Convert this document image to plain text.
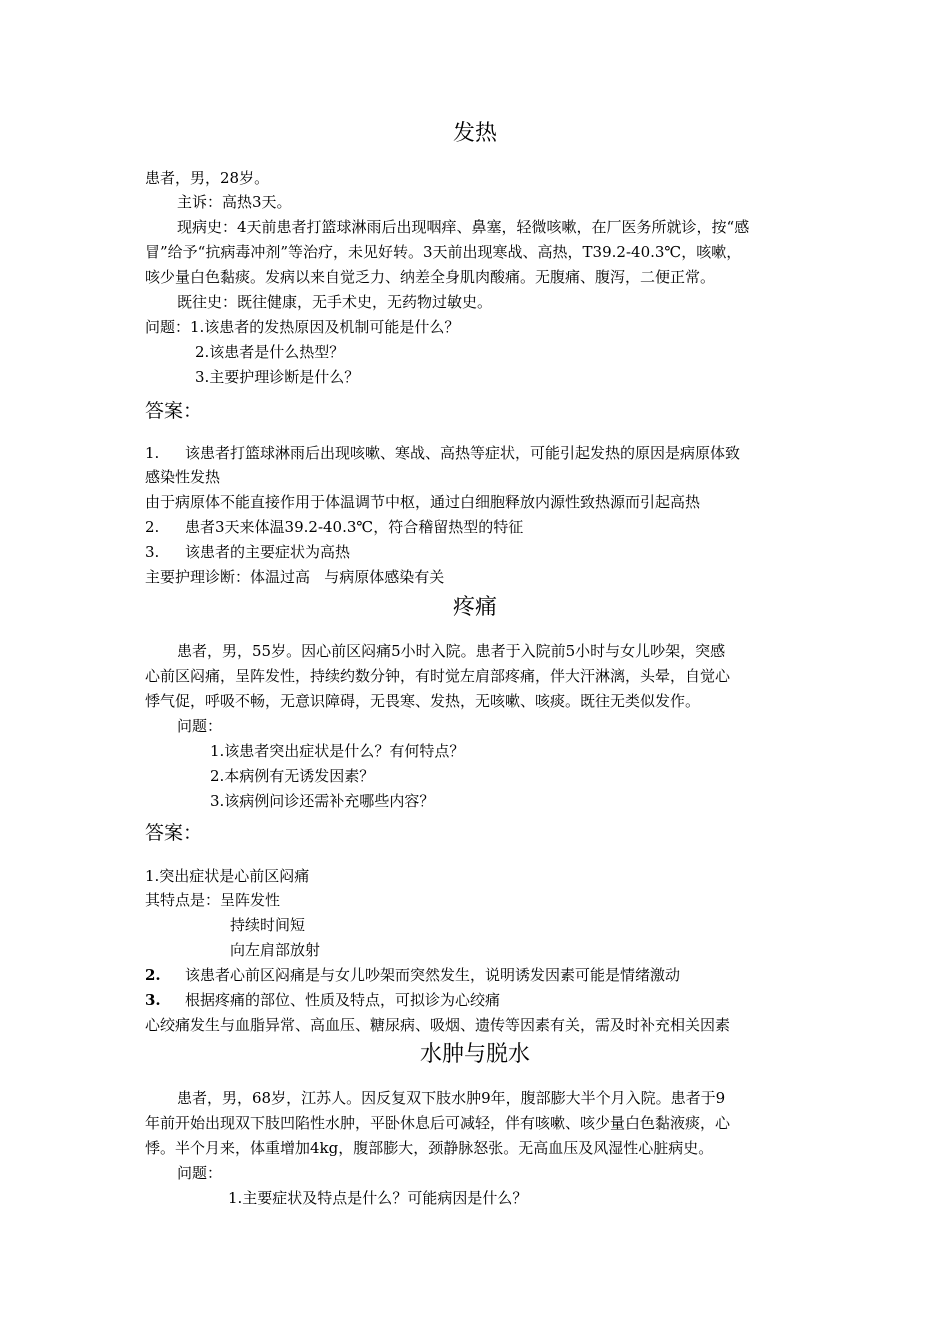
发热
患者，男，28岁。
主诉：高热3天。
现病史：4天前患者打篮球淋雨后出现咽痒、鼻塞，轻微咳嗽，在厂医务所就诊，按“感
冒”给予“抗病毒冲剂”等治疗，未见好转。3天前出现寒战、高热，T39.2-40.3℃，咳嗽，
咳少量白色黏痰。发病以来自觉乏力、纳差全身肌肉酸痛。无腹痛、腹泻，二便正常。
既往史：既往健康，无手术史，无药物过敏史。
问题：1.该患者的发热原因及机制可能是什么？
2.该患者是什么热型？
3.主要护理诊断是什么？
答案：
1. 该患者打篮球淋雨后出现咳嗽、寒战、高热等症状，可能引起发热的原因是病原体致
感染性发热
由于病原体不能直接作用于体温调节中枢，通过白细胞释放内源性致热源而引起高热
2. 患者3天来体温39.2-40.3℃，符合稽留热型的特征
3. 该患者的主要症状为高热
主要护理诊断：体温过高   与病原体感染有关
疼痛
患者，男，55岁。因心前区闷痛5小时入院。患者于入院前5小时与女儿吵架，突感
心前区闷痛，呈阵发性，持续约数分钟，有时觉左肩部疼痛，伴大汗淋漓，头晕，自觉心
悸气促，呼吸不畅，无意识障碍，无畏寒、发热，无咳嗽、咳痰。既往无类似发作。
问题：
1.该患者突出症状是什么？有何特点？
2.本病例有无诱发因素？
3.该病例问诊还需补充哪些内容？
答案：
1.突出症状是心前区闷痛
其特点是：呈阵发性
持续时间短
向左肩部放射
2. 该患者心前区闷痛是与女儿吵架而突然发生，说明诱发因素可能是情绪激动
3. 根据疼痛的部位、性质及特点，可拟诊为心绞痛
心绞痛发生与血脂异常、高血压、糖尿病、吸烟、遗传等因素有关，需及时补充相关因素
水肿与脱水
患者，男，68岁，江苏人。因反复双下肢水肿9年，腹部膨大半个月入院。患者于9
年前开始出现双下肢凹陷性水肿，平卧休息后可减轻，伴有咳嗽、咳少量白色黏液痰，心
悸。半个月来，体重增加4kg，腹部膨大，颈静脉怒张。无高血压及风湿性心脏病史。
问题：
1.主要症状及特点是什么？可能病因是什么？
